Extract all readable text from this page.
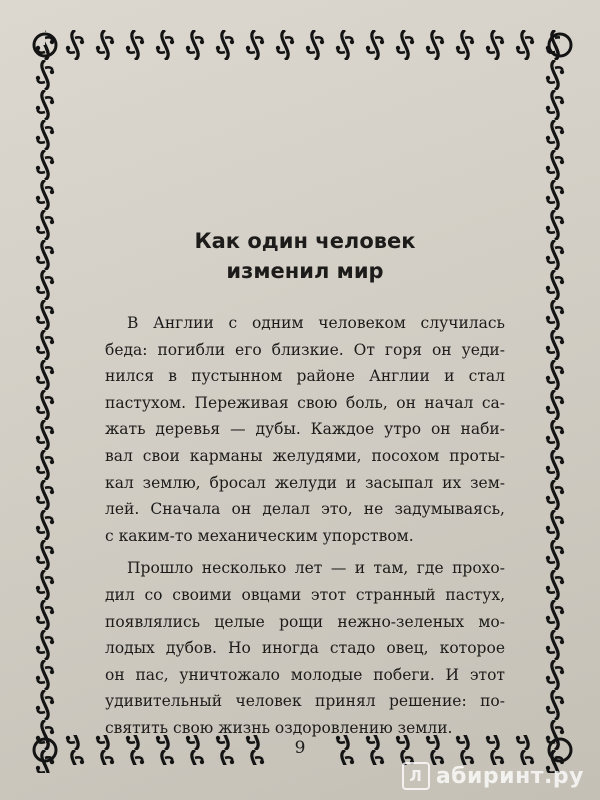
Как один человек
изменил мир

В Англии с одним человеком случилась
беда: погибли его близкие. От горя он уеди-
нился в пустынном районе Англии и стал
пастухом. Переживая свою боль, он начал са-
жать деревья — дубы. Каждое утро он наби-
вал свои карманы желудями, посохом проты-
кал землю, бросал желуди и засыпал их зем-
лей. Сначала он делал это, не задумываясь,
с каким-то механическим упорством.

Прошло несколько лет — и там, где прохо-
дил со своими овцами этот странный пастух,
появлялись целые рощи нежно-зеленых мо-
лодых дубов. Но иногда стадо овец, которое
он пас, уничтожало молодые побеги. И этот
удивительный человек принял решение: по-
святить свою жизнь оздоровлению земли.

9
Л абиринт.ру
